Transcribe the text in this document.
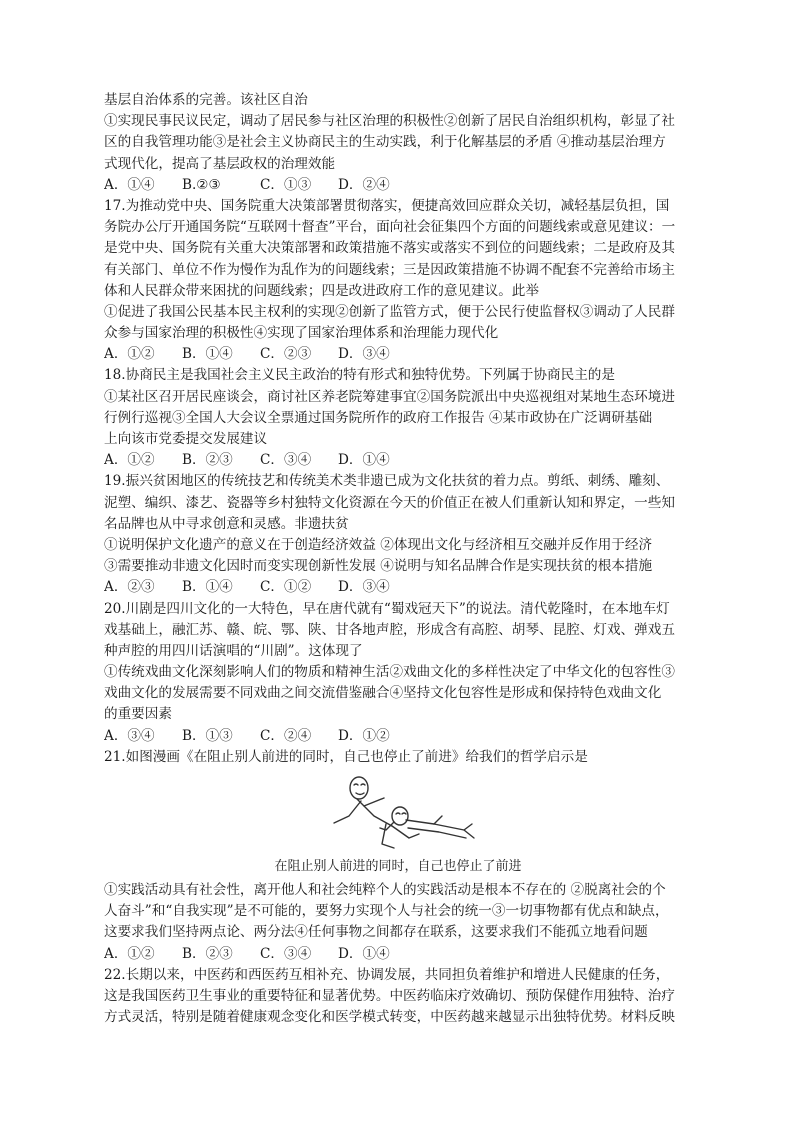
基层自治体系的完善。该社区自治
①实现民事民议民定，调动了居民参与社区治理的积极性②创新了居民自治组织机构，彰显了社
区的自我管理功能③是社会主义协商民主的生动实践，利于化解基层的矛盾 ④推动基层治理方
式现代化，提高了基层政权的治理效能
A．①④	B.②③	C．①③	D．②④
17.为推动党中央、国务院重大决策部署贯彻落实，便捷高效回应群众关切，减轻基层负担，国
务院办公厅开通国务院“互联网十督查”平台，面向社会征集四个方面的问题线索或意见建议：一
是党中央、国务院有关重大决策部署和政策措施不落实或落实不到位的问题线索；二是政府及其
有关部门、单位不作为慢作为乱作为的问题线索；三是因政策措施不协调不配套不完善给市场主
体和人民群众带来困扰的问题线索；四是改进政府工作的意见建议。此举
①促进了我国公民基本民主权利的实现②创新了监管方式，便于公民行使监督权③调动了人民群
众参与国家治理的积极性④实现了国家治理体系和治理能力现代化
A．①②	B．①④	C．②③	D．③④
18.协商民主是我国社会主义民主政治的特有形式和独特优势。下列属于协商民主的是
①某社区召开居民座谈会，商讨社区养老院筹建事宜②国务院派出中央巡视组对某地生态环境进
行例行巡视③全国人大会议全票通过国务院所作的政府工作报告 ④某市政协在广泛调研基础
上向该市党委提交发展建议
A．①②	B．②③	C．③④	D．①④
19.振兴贫困地区的传统技艺和传统美术类非遗已成为文化扶贫的着力点。剪纸、刺绣、雕刻、
泥塑、编织、漆艺、瓷器等乡村独特文化资源在今天的价值正在被人们重新认知和界定，一些知
名品牌也从中寻求创意和灵感。非遗扶贫
①说明保护文化遗产的意义在于创造经济效益 ②体现出文化与经济相互交融并反作用于经济
③需要推动非遗文化因时而变实现创新性发展 ④说明与知名品牌合作是实现扶贫的根本措施
A．②③	B．①④	C．①②	D．③④
20.川剧是四川文化的一大特色，早在唐代就有“蜀戏冠天下”的说法。清代乾隆时，在本地车灯
戏基础上，融汇苏、赣、皖、鄂、陕、甘各地声腔，形成含有高腔、胡琴、昆腔、灯戏、弹戏五
种声腔的用四川话演唱的“川剧”。这体现了
①传统戏曲文化深刻影响人们的物质和精神生活②戏曲文化的多样性决定了中华文化的包容性③
戏曲文化的发展需要不同戏曲之间交流借鉴融合④坚持文化包容性是形成和保持特色戏曲文化
的重要因素
A．③④	B．①③	C．②④	D．①②
21.如图漫画《在阻止别人前进的同时，自己也停止了前进》给我们的哲学启示是
在阻止别人前进的同时，自己也停止了前进
①实践活动具有社会性，离开他人和社会纯粹个人的实践活动是根本不存在的 ②脱离社会的个
人奋斗”和“自我实现”是不可能的，要努力实现个人与社会的统一③一切事物都有优点和缺点，
这要求我们坚持两点论、两分法④任何事物之间都存在联系，这要求我们不能孤立地看问题
A．①②	B．②③	C．③④	D．①④
22.长期以来，中医药和西医药互相补充、协调发展，共同担负着维护和增进人民健康的任务，
这是我国医药卫生事业的重要特征和显著优势。中医药临床疗效确切、预防保健作用独特、治疗
方式灵活，特别是随着健康观念变化和医学模式转变，中医药越来越显示出独特优势。材料反映
